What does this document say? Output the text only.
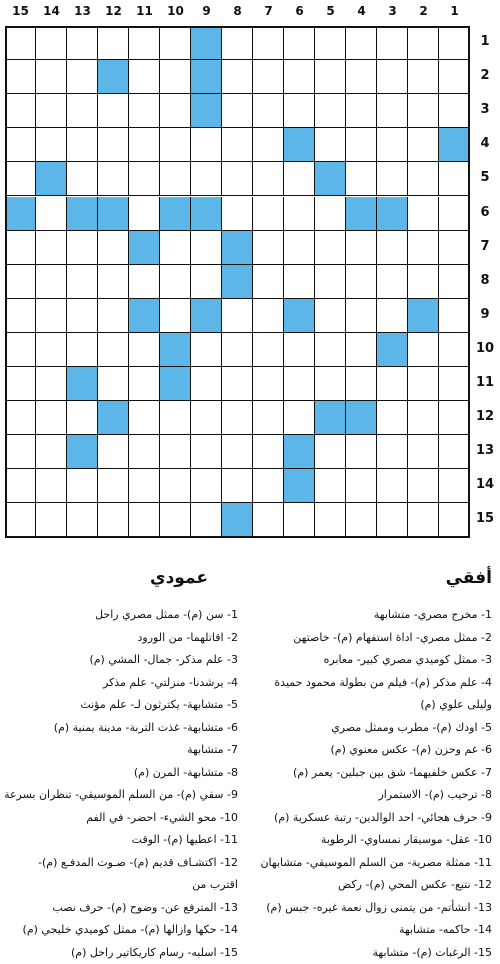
15	14	13	12	11	10	9	8	7	6	5	4	3	2	1
1
2
3
4
5
6
7
8
9
10
11
12
13
14
15
أفقي
عمودي
1- مخرج مصري- متشابهة
2- ممثل مصري- اداة استفهام (م)- خاصتهن
3- ممثل كوميدي مصري كبير- معابره
4- علم مذكر (م)- فيلم من بطولة محمود حميدة
وليلى علوي (م)
5- اودك (م)- مطرب وممثل مصري
6- غم وحزن (م)- عكس معنوي (م)
7- عكس خلفيهما- شق بين جبلين- يعمر (م)
8- ترحيب (م)- الاستمرار
9- حرف هجائي- احد الوالدين- رتبة عسكرية (م)
10- عقل- موسيقار نمساوي- الرطوبة
11- ممثلة مصرية- من السلم الموسيقي- متشابهان
12- نتبع- عكس المحي (م)- ركض
13- انشأتم- من يتمنى زوال نعمة غيره- جبس (م)
14- حاكمه- متشابهة
15- الرغبات (م)- متشابهة
1- سن (م)- ممثل مصري راحل
2- اقاتلهما- من الورود
3- علم مذكر- جمال- المشي (م)
4- يرشدنا- منزلتي- علم مذكر
5- متشابهة- يكترثون لـ- علم مؤنث
6- متشابهة- غذت التربة- مدينة يمنية (م)
7- متشابهة
8- متشابهة- المرن (م)
9- سقي (م)- من السلم الموسيقي- تنظران بسرعة
10- محو الشيء- احضر- في الفم
11- اعطيها (م)- الوقت
12- اكتشـاف قديم (م)- صـوت المدفـع (م)-
اقترب من
13- المترفع عن- وضوح (م)- حرف نصب
14- حكها وازالها (م)- ممثل كوميدي خليجي (م)
15- اسلبه- رسام كاريكاتير راحل (م)
